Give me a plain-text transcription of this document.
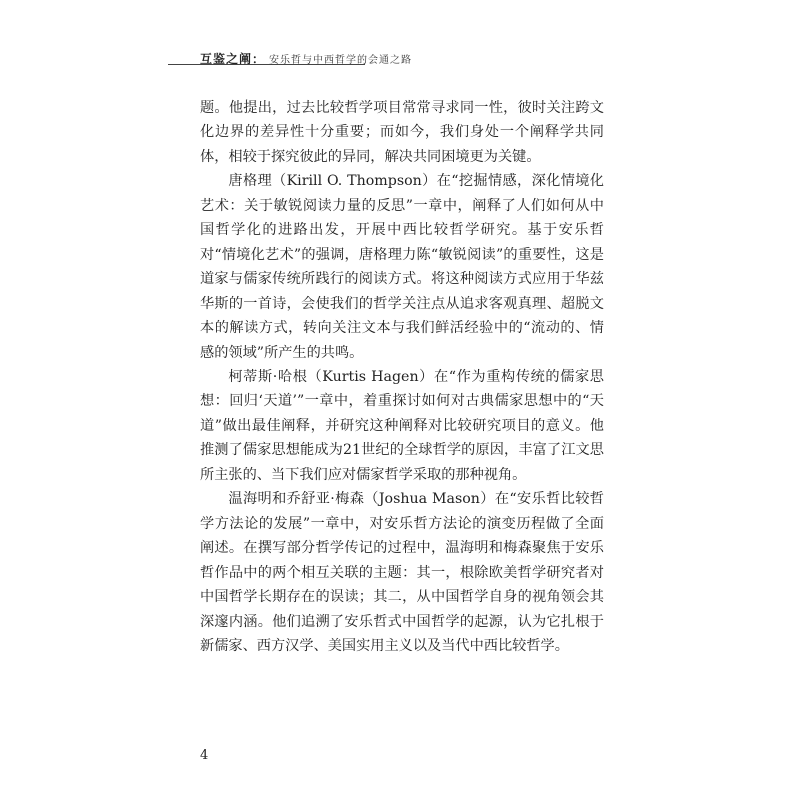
互鉴之阐： 安乐哲与中西哲学的会通之路

题。他提出，过去比较哲学项目常常寻求同一性，彼时关注跨文化边界的差异性十分重要；而如今，我们身处一个阐释学共同体，相较于探究彼此的异同，解决共同困境更为关键。

唐格理（Kirill O. Thompson）在“挖掘情感，深化情境化艺术：关于敏锐阅读力量的反思”一章中，阐释了人们如何从中国哲学化的进路出发，开展中西比较哲学研究。基于安乐哲对“情境化艺术”的强调，唐格理力陈“敏锐阅读”的重要性，这是道家与儒家传统所践行的阅读方式。将这种阅读方式应用于华兹华斯的一首诗，会使我们的哲学关注点从追求客观真理、超脱文本的解读方式，转向关注文本与我们鲜活经验中的“流动的、情感的领域”所产生的共鸣。

柯蒂斯·哈根（Kurtis Hagen）在“作为重构传统的儒家思想：回归‘天道’”一章中，着重探讨如何对古典儒家思想中的“天道”做出最佳阐释，并研究这种阐释对比较研究项目的意义。他推测了儒家思想能成为21世纪的全球哲学的原因，丰富了江文思所主张的、当下我们应对儒家哲学采取的那种视角。

温海明和乔舒亚·梅森（Joshua Mason）在“安乐哲比较哲学方法论的发展”一章中，对安乐哲方法论的演变历程做了全面阐述。在撰写部分哲学传记的过程中，温海明和梅森聚焦于安乐哲作品中的两个相互关联的主题：其一，根除欧美哲学研究者对中国哲学长期存在的误读；其二，从中国哲学自身的视角领会其深邃内涵。他们追溯了安乐哲式中国哲学的起源，认为它扎根于新儒家、西方汉学、美国实用主义以及当代中西比较哲学。

4
